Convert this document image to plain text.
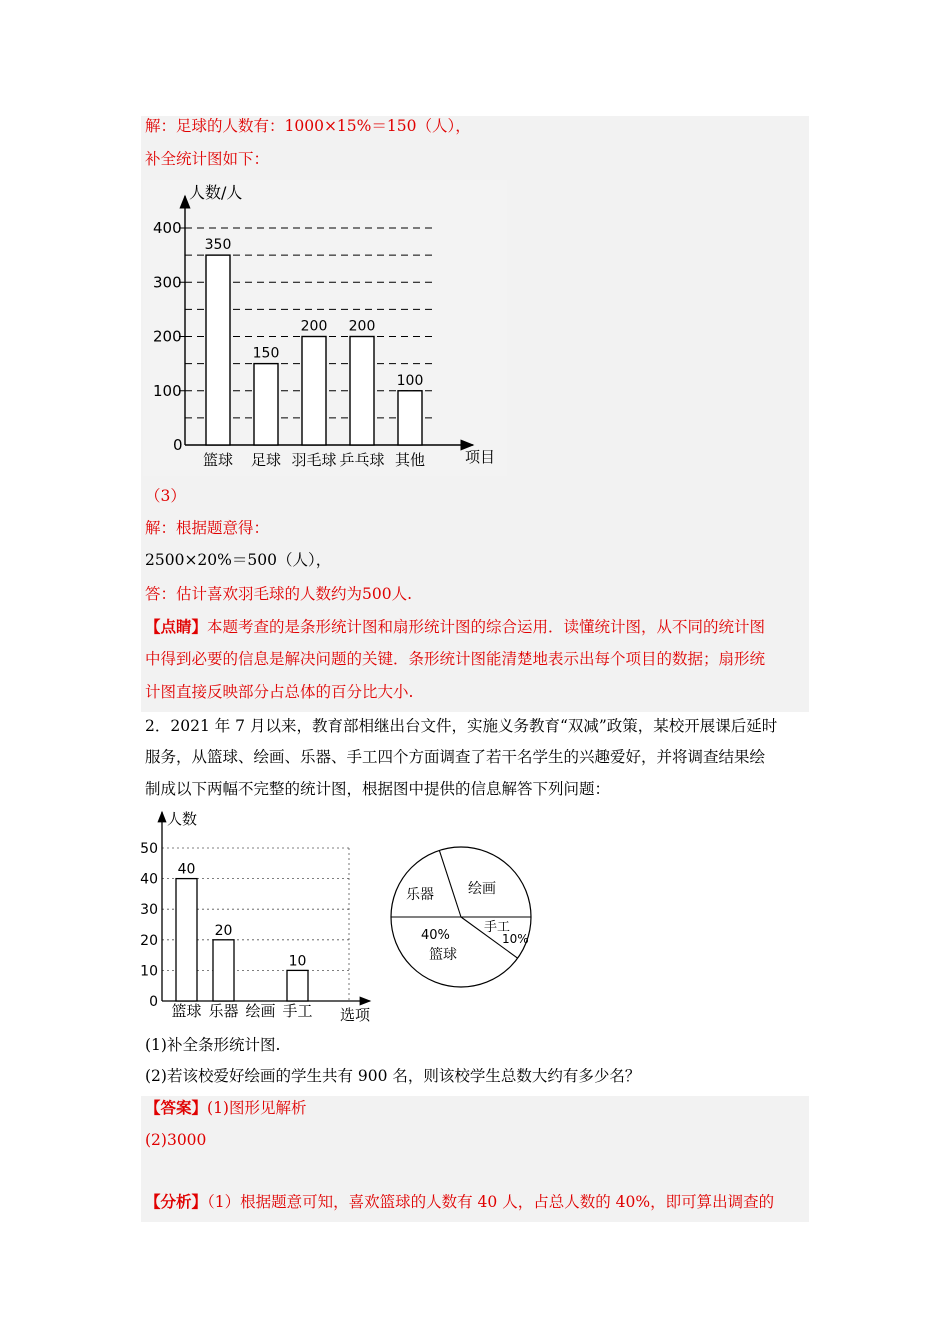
解：足球的人数有：1000×15%＝150（人），
补全统计图如下：
0
100
200
300
400
350
篮球
150
足球
200
羽毛球
200
乒乓球
100
其他
人数/人
项目
（3）
解：根据题意得：
2500×20%＝500（人），
答：估计喜欢羽毛球的人数约为500人.
【点睛】本题考查的是条形统计图和扇形统计图的综合运用．读懂统计图，从不同的统计图
中得到必要的信息是解决问题的关键．条形统计图能清楚地表示出每个项目的数据；扇形统
计图直接反映部分占总体的百分比大小.
2．2021 年 7 月以来，教育部相继出台文件，实施义务教育“双减”政策，某校开展课后延时
服务，从篮球、绘画、乐器、手工四个方面调查了若干名学生的兴趣爱好，并将调查结果绘
制成以下两幅不完整的统计图，根据图中提供的信息解答下列问题：
0
10
20
30
40
50
40
篮球
20
乐器 绘画
10
手工
人数
选项
乐器 绘画
40%
篮球
手工
10%
(1)补全条形统计图.
(2)若该校爱好绘画的学生共有 900 名，则该校学生总数大约有多少名？
【答案】(1)图形见解析
(2)3000
【分析】（1）根据题意可知，喜欢篮球的人数有 40 人，占总人数的 40%，即可算出调查的
